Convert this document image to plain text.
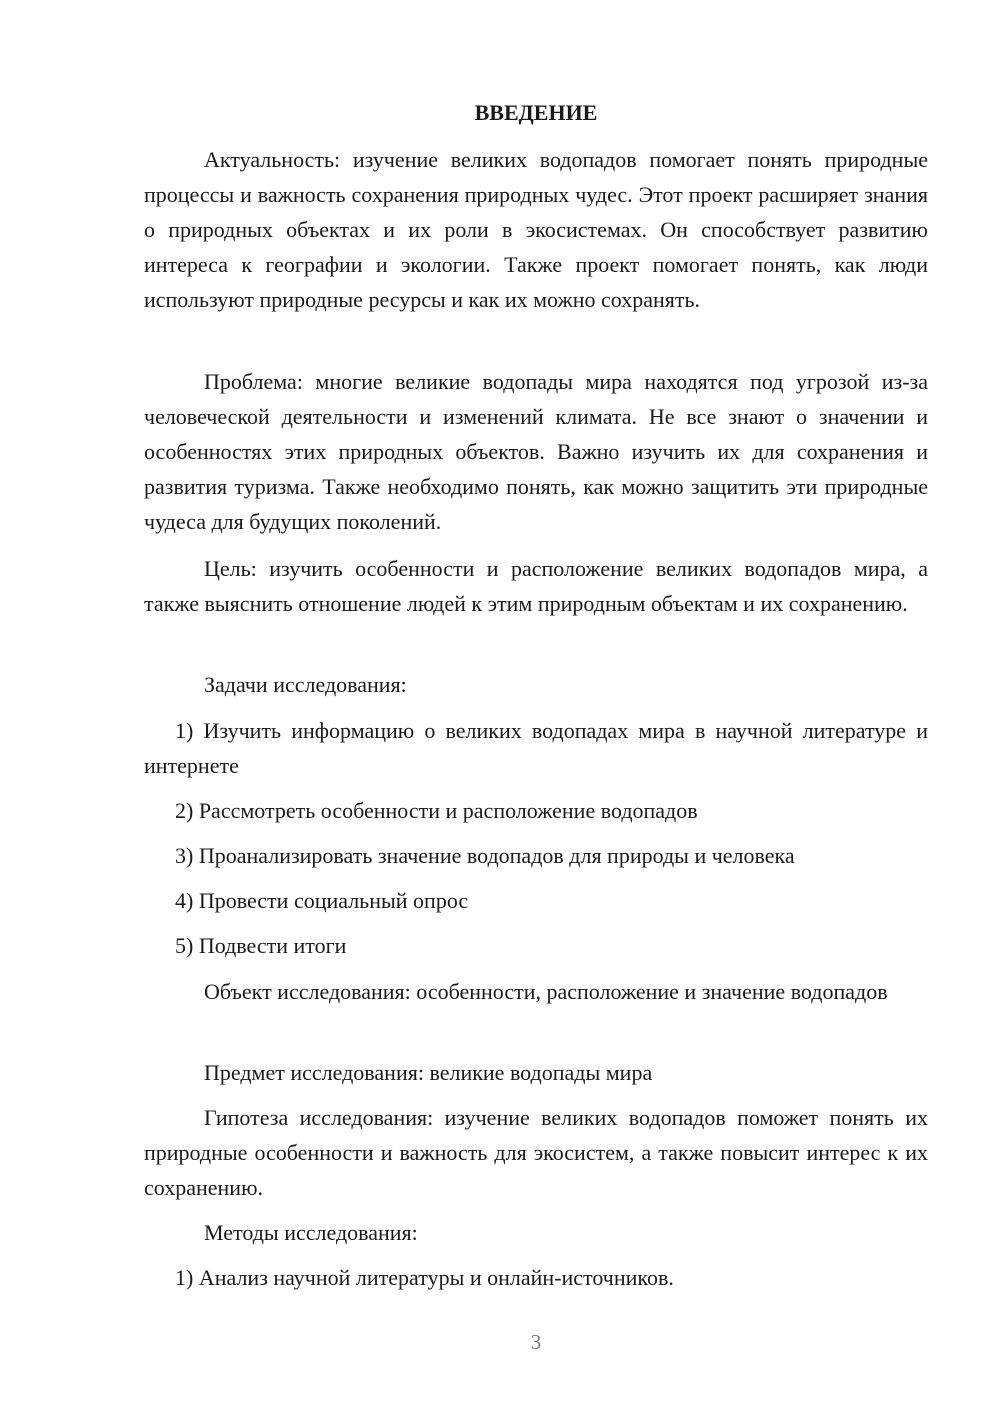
ВВЕДЕНИЕ
Актуальность: изучение великих водопадов помогает понять природные процессы и важность сохранения природных чудес. Этот проект расширяет знания о природных объектах и их роли в экосистемах. Он способствует развитию интереса к географии и экологии. Также проект помогает понять, как люди используют природные ресурсы и как их можно сохранять.
Проблема: многие великие водопады мира находятся под угрозой из-за человеческой деятельности и изменений климата. Не все знают о значении и особенностях этих природных объектов. Важно изучить их для сохранения и развития туризма. Также необходимо понять, как можно защитить эти природные чудеса для будущих поколений.
Цель: изучить особенности и расположение великих водопадов мира, а также выяснить отношение людей к этим природным объектам и их сохранению.
Задачи исследования:
1) Изучить информацию о великих водопадах мира в научной литературе и интернете
2) Рассмотреть особенности и расположение водопадов
3) Проанализировать значение водопадов для природы и человека
4) Провести социальный опрос
5) Подвести итоги
Объект исследования: особенности, расположение и значение водопадов
Предмет исследования: великие водопады мира
Гипотеза исследования: изучение великих водопадов поможет понять их природные особенности и важность для экосистем, а также повысит интерес к их сохранению.
Методы исследования:
1) Анализ научной литературы и онлайн-источников.
3
